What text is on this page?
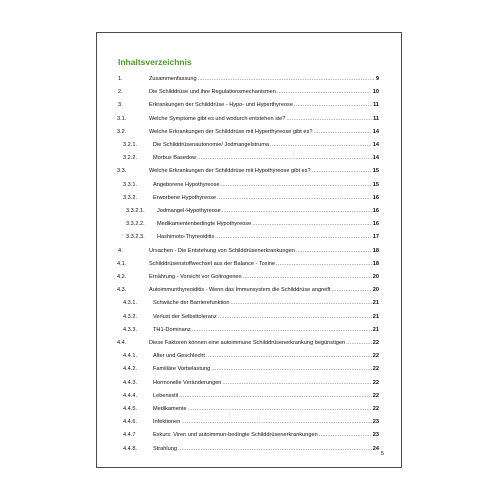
Inhaltsverzeichnis
1.	Zusammenfassung .....	9
2.	Die Schilddrüse und ihre Regulationsmechanismen .....	10
3.	Erkrankungen der Schilddrüse - Hypo- und Hyperthyreose .....	11
3.1.	Welche Symptome gibt es und wodurch entstehen sie? .....	11
3.2.	Welche Erkrankungen der Schilddrüse mit Hyperthyreose gibt es? .....	14
3.2.1.	Die Schilddrüsenautonomie/ Jodmangelstruma .....	14
3.2.2.	Morbus Basedow .....	14
3.3.	Welche Erkrankungen der Schilddrüse mit Hypothyreose gibt es? .....	15
3.3.1.	Angeborene Hypothyreose .....	15
3.3.2.	Erworbene Hypothyreose .....	16
3.3.2.1. Jodmangel-Hypothyreose .....	16
3.3.2.2. Medikamentenbedingte Hypothyreose .....	16
3.3.2.3. Hashimoto-Thyreoiditis .....	17
4.	Ursachen - Die Entstehung von Schilddrüsenerkrankungen .....	18
4.1.	Schilddrüsenstoffwechsel aus der Balance - Toxine .....	18
4.2.	Ernährung - Vorsicht vor Goitrogenen .....	20
4.3.	Autoimmunthyreoiditis - Wenn das Immunsystem die Schilddrüse angreift .....	20
4.3.1.	Schwäche der Barrierefunktion .....	21
4.3.2.	Verlust der Selbsttoleranz .....	21
4.3.3.	TH1-Dominanz .....	21
4.4.	Diese Faktoren können eine autoimmune Schilddrüsenerkrankung begünstigen .....	22
4.4.1.	Alter und Geschlecht .....	22
4.4.2.	Familiäre Vorbelastung .....	22
4.4.3.	Hormonelle Veränderungen .....	22
4.4.4.	Lebensstil .....	22
4.4.5.	Medikamente .....	22
4.4.6.	Infektionen .....	23
4.4.7	Exkurs: Viren und autoimmun-bedingte Schilddrüsenerkrankungen .....	23
4.4.8.	Strahlung .....	24
5
